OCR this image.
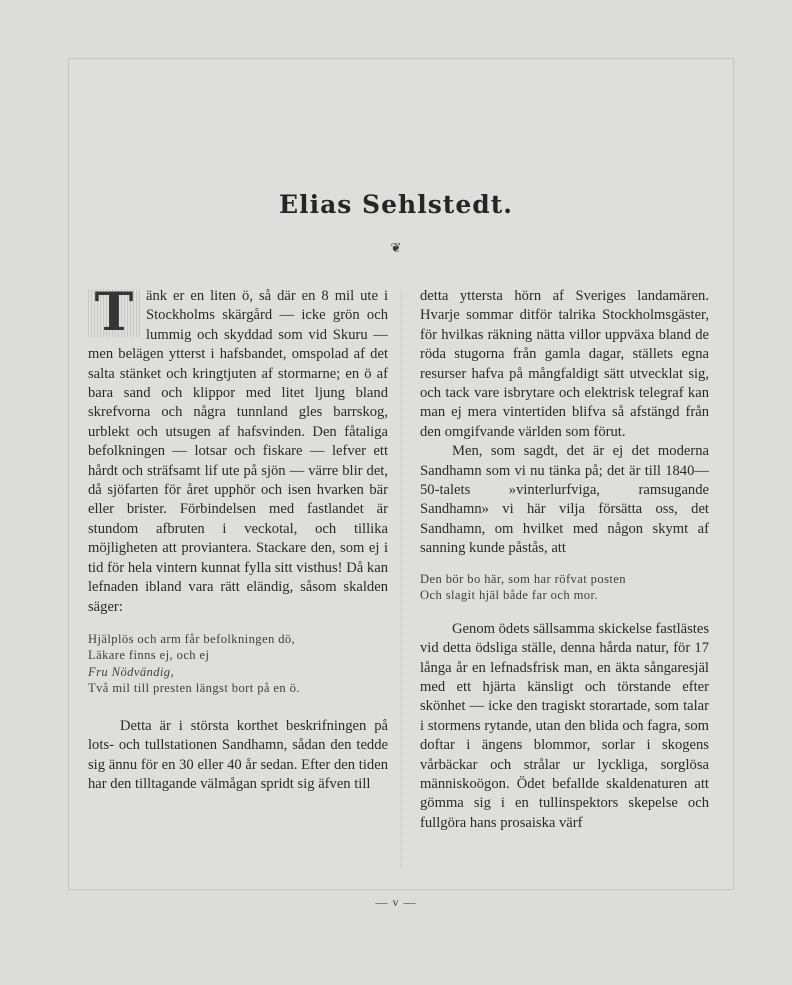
Elias Sehlstedt.
❦

T änk er en liten ö, så där en 8 mil ute i Stockholms skärgård — icke grön och lummig och skyddad som vid Skuru — men belägen ytterst i hafsbandet, omspolad af det salta stänket och kringtjuten af stormarne; en ö af bara sand och klippor med litet ljung bland skrefvorna och några tunnland gles barrskog, urblekt och utsugen af hafsvinden. Den fåtaliga befolkningen — lotsar och fiskare — lefver ett hårdt och sträfsamt lif ute på sjön — värre blir det, då sjöfarten för året upphör och isen hvarken bär eller brister. Förbindelsen med fastlandet är stundom afbruten i veckotal, och tillika möjligheten att proviantera. Stackare den, som ej i tid för hela vintern kunnat fylla sitt visthus! Då kan lefnaden ibland vara rätt eländig, såsom skalden säger:

Hjälplös och arm får befolkningen dö,
Läkare finns ej, och ej
Fru Nödvändig,
Två mil till presten längst bort på en ö.

Detta är i största korthet beskrifningen på lots- och tullstationen Sandhamn, sådan den tedde sig ännu för en 30 eller 40 år sedan. Efter den tiden har den tilltagande välmågan spridt sig äfven till

detta yttersta hörn af Sveriges landamären. Hvarje sommar ditför talrika Stockholmsgäster, för hvilkas räkning nätta villor uppväxa bland de röda stugorna från gamla dagar, ställets egna resurser hafva på mångfaldigt sätt utvecklat sig, och tack vare isbrytare och elektrisk telegraf kan man ej mera vintertiden blifva så afstängd från den omgifvande världen som förut.

Men, som sagdt, det är ej det moderna Sandhamn som vi nu tänka på; det är till 1840—50-talets »vinterlurfviga, ramsugande Sandhamn» vi här vilja försätta oss, det Sandhamn, om hvilket med någon skymt af sanning kunde påstås, att

Den bör bo här, som har röfvat posten
Och slagit hjäl både far och mor.

Genom ödets sällsamma skickelse fastlästes vid detta ödsliga ställe, denna hårda natur, för 17 långa år en lefnadsfrisk man, en äkta sångaresjäl med ett hjärta känsligt och törstande efter skönhet — icke den tragiskt storartade, som talar i stormens rytande, utan den blida och fagra, som doftar i ängens blommor, sorlar i skogens vårbäckar och strålar ur lyckliga, sorglösa människoögon. Ödet befallde skaldenaturen att gömma sig i en tullinspektors skepelse och fullgöra hans prosaiska värf

— v —
